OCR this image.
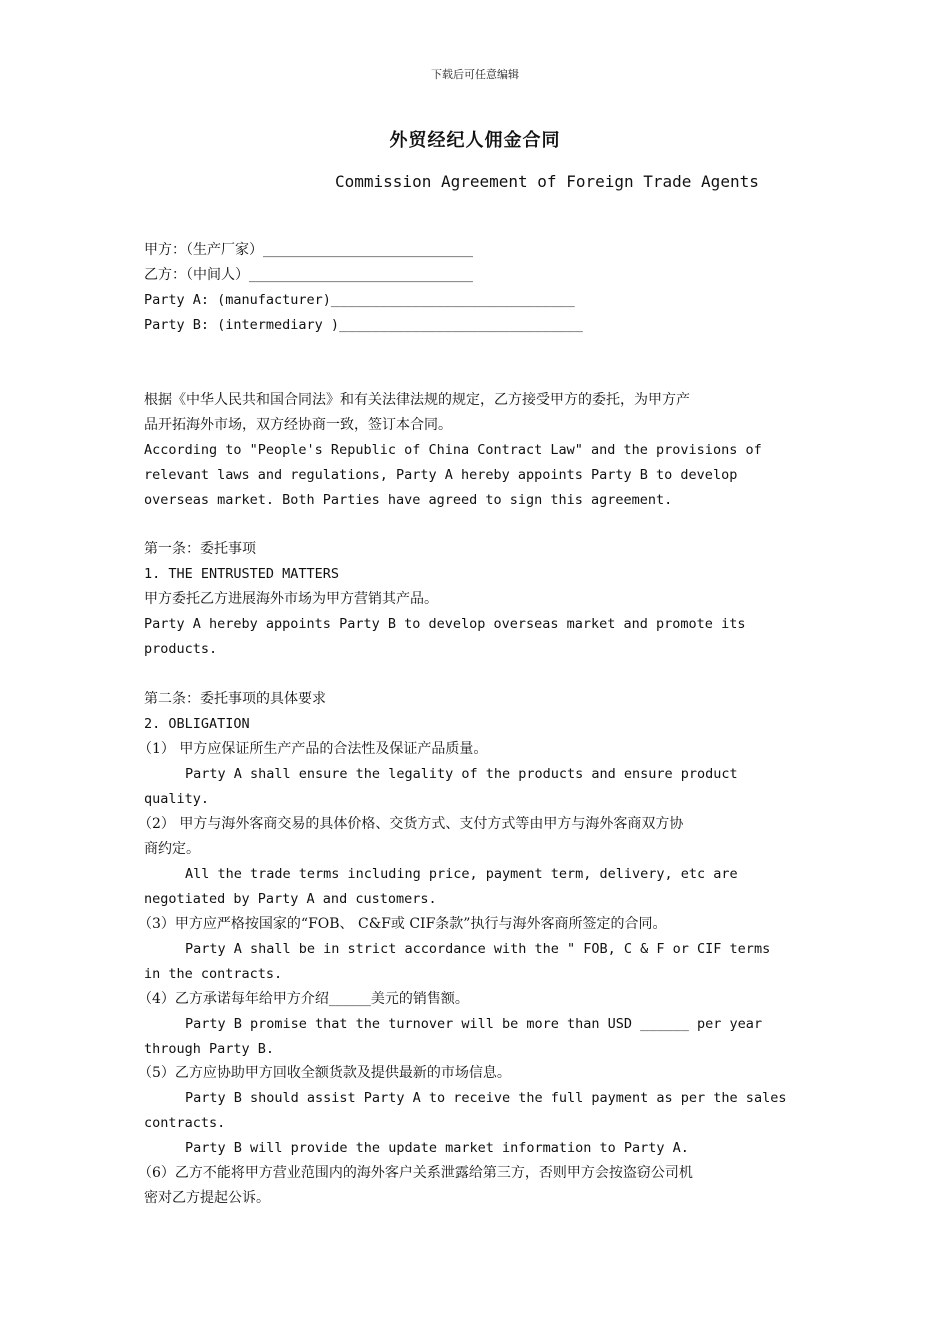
下载后可任意编辑
外贸经纪人佣金合同
Commission Agreement of Foreign Trade Agents
甲方：（生产厂家）______________________________
乙方：（中间人）________________________________
Party A: (manufacturer)______________________________
Party B: (intermediary )______________________________
根据《中华人民共和国合同法》和有关法律法规的规定，乙方接受甲方的委托，为甲方产
品开拓海外市场，双方经协商一致，签订本合同。
According to "People's Republic of China Contract Law" and the provisions of
relevant laws and regulations, Party A hereby appoints Party B to develop
overseas market. Both Parties have agreed to sign this agreement.
第一条：委托事项
1. THE ENTRUSTED MATTERS
甲方委托乙方进展海外市场为甲方营销其产品。
Party A hereby appoints Party B to develop overseas market and promote its
products.
第二条：委托事项的具体要求
2. OBLIGATION
（1） 甲方应保证所生产产品的合法性及保证产品质量。
Party A shall ensure the legality of the products and ensure product
quality.
（2） 甲方与海外客商交易的具体价格、交货方式、支付方式等由甲方与海外客商双方协
商约定。
All the trade terms including price, payment term, delivery, etc are
negotiated by Party A and customers.
（3）甲方应严格按国家的“FOB、 C&F或 CIF条款”执行与海外客商所签定的合同。
Party A shall be in strict accordance with the " FOB, C & F or CIF terms
in the contracts.
（4）乙方承诺每年给甲方介绍______美元的销售额。
Party B promise that the turnover will be more than USD ______ per year
through Party B.
（5）乙方应协助甲方回收全额货款及提供最新的市场信息。
Party B should assist Party A to receive the full payment as per the sales
contracts.
Party B will provide the update market information to Party A.
（6）乙方不能将甲方营业范围内的海外客户关系泄露给第三方，否则甲方会按盗窃公司机
密对乙方提起公诉。
